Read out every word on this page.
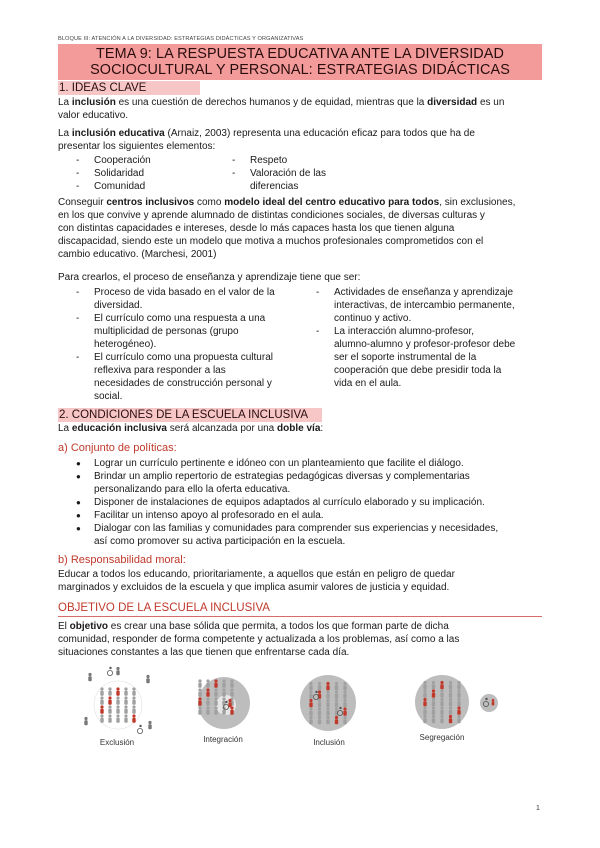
BLOQUE III: ATENCIÓN A LA DIVERSIDAD: ESTRATEGIAS DIDÁCTICAS Y ORGANIZATIVAS
TEMA 9: LA RESPUESTA EDUCATIVA ANTE LA DIVERSIDAD
SOCIOCULTURAL Y PERSONAL: ESTRATEGIAS DIDÁCTICAS
1. IDEAS CLAVE
La inclusión es una cuestión de derechos humanos y de equidad, mientras que la diversidad es un
valor educativo.
La inclusión educativa (Arnaiz, 2003) representa una educación eficaz para todos que ha de
presentar los siguientes elementos:
Conseguir centros inclusivos como modelo ideal del centro educativo para todos, sin exclusiones,
en los que convive y aprende alumnado de distintas condiciones sociales, de diversas culturas y
con distintas capacidades e intereses, desde lo más capaces hasta los que tienen alguna
discapacidad, siendo este un modelo que motiva a muchos profesionales comprometidos con el
cambio educativo. (Marchesi, 2001)
Para crearlos, el proceso de enseñanza y aprendizaje tiene que ser:
2. CONDICIONES DE LA ESCUELA INCLUSIVA
La educación inclusiva será alcanzada por una doble vía:
a) Conjunto de políticas:
b) Responsabilidad moral:
Educar a todos los educando, prioritariamente, a aquellos que están en peligro de quedar
marginados y excluidos de la escuela y que implica asumir valores de justicia y equidad.
OBJETIVO DE LA ESCUELA INCLUSIVA
El objetivo es crear una base sólida que permita, a todos los que forman parte de dicha
comunidad, responder de forma competente y actualizada a los problemas, así como a las
situaciones constantes a las que tienen que enfrentarse cada día.
Exclusión	Integración	Inclusión
Segregación
1
- Cooperación
- Solidaridad
- Comunidad
- Respeto
- Valoración de las
diferencias
- Proceso de vida basado en el valor de la
diversidad.
- El currículo como una respuesta a una
multiplicidad de personas (grupo
heterogéneo).
- El currículo como una propuesta cultural
reflexiva para responder a las
necesidades de construcción personal y
social.
- Actividades de enseñanza y aprendizaje
interactivas, de intercambio permanente,
continuo y activo.
- La interacción alumno-profesor,
alumno-alumno y profesor-profesor debe
ser el soporte instrumental de la
cooperación que debe presidir toda la
vida en el aula.
● Lograr un currículo pertinente e idóneo con un planteamiento que facilite el diálogo.
● Brindar un amplio repertorio de estrategias pedagógicas diversas y complementarias
personalizando para ello la oferta educativa.
● Disponer de instalaciones de equipos adaptados al currículo elaborado y su implicación.
● Facilitar un intenso apoyo al profesorado en el aula.
● Dialogar con las familias y comunidades para comprender sus experiencias y necesidades,
así como promover su activa participación en la escuela.
